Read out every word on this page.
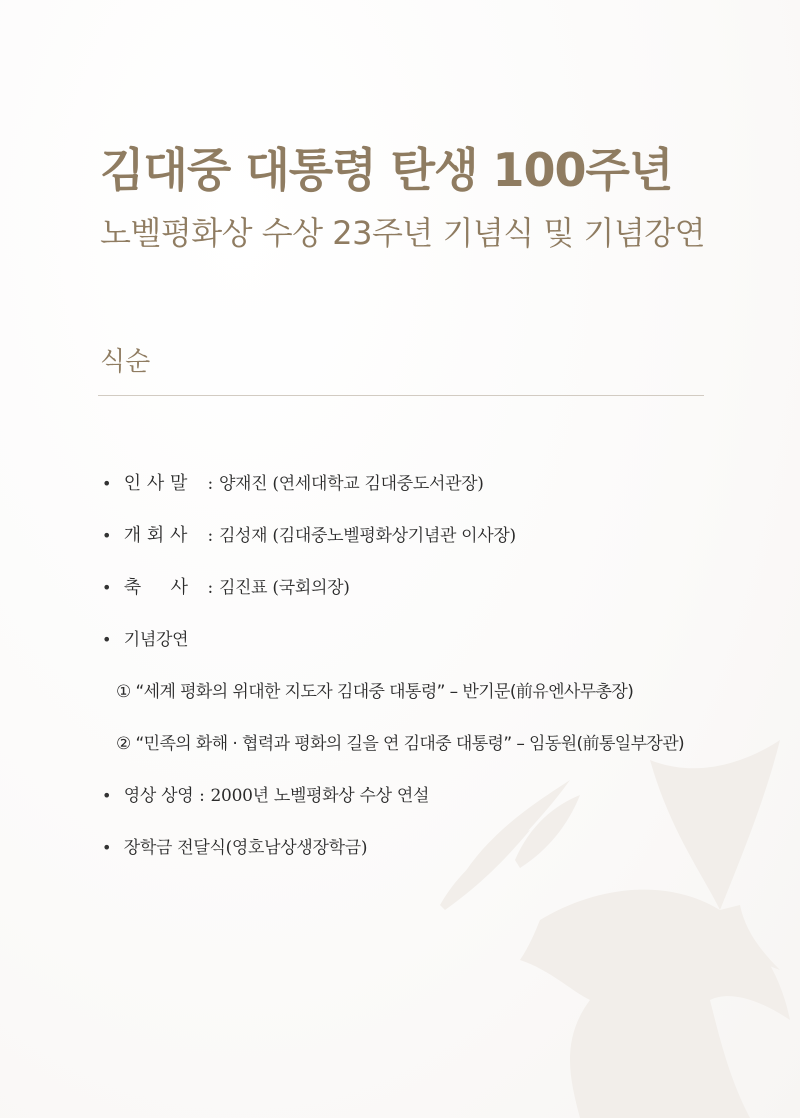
김대중 대통령 탄생 100주년
노벨평화상 수상 23주년 기념식 및 기념강연
식순
• 인 사 말 : 양재진 (연세대학교 김대중도서관장)
• 개 회 사 : 김성재 (김대중노벨평화상기념관 이사장)
• 축 　 사 : 김진표 (국회의장)
• 기념강연
① “세계 평화의 위대한 지도자 김대중 대통령” – 반기문(前유엔사무총장)
② “민족의 화해 · 협력과 평화의 길을 연 김대중 대통령” – 임동원(前통일부장관)
• 영상 상영 : 2000년 노벨평화상 수상 연설
• 장학금 전달식(영호남상생장학금)
